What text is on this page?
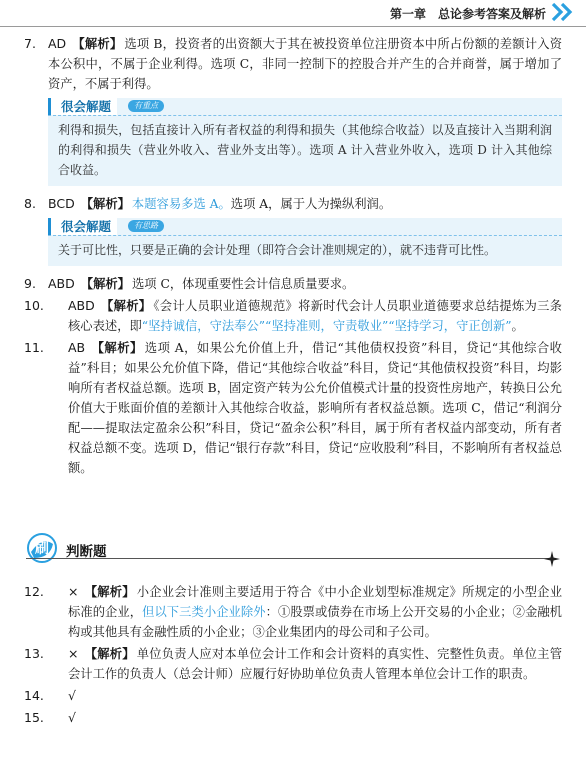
第一章　总论参考答案及解析
7. AD 【解析】 选项 B，投资者的出资额大于其在被投资单位注册资本中所占份额的差额计入资本公积中，不属于企业利得。选项 C，非同一控制下的控股合并产生的合并商誉，属于增加了资产，不属于利得。
很会解题	有重点
利得和损失，包括直接计入所有者权益的利得和损失（其他综合收益）以及直接计入当期利润的利得和损失（营业外收入、营业外支出等）。选项 A 计入营业外收入，选项 D 计入其他综合收益。
8. BCD 【解析】 本题容易多选 A。选项 A，属于人为操纵利润。
很会解题	有思路
关于可比性，只要是正确的会计处理（即符合会计准则规定的），就不违背可比性。
9. ABD 【解析】 选项 C，体现重要性会计信息质量要求。
10. ABD 【解析】 《会计人员职业道德规范》将新时代会计人员职业道德要求总结提炼为三条核心表述，即“坚持诚信，守法奉公”“坚持准则，守责敬业”“坚持学习，守正创新”。
11. AB 【解析】 选项 A，如果公允价值上升，借记“其他债权投资”科目，贷记“其他综合收益”科目；如果公允价值下降，借记“其他综合收益”科目，贷记“其他债权投资”科目，均影响所有者权益总额。选项 B，固定资产转为公允价值模式计量的投资性房地产，转换日公允价值大于账面价值的差额计入其他综合收益，影响所有者权益总额。选项 C，借记“利润分配——提取法定盈余公积”科目，贷记“盈余公积”科目，属于所有者权益内部变动，所有者权益总额不变。选项 D，借记“银行存款”科目，贷记“应收股利”科目，不影响所有者权益总额。
刷 判断题
12. × 【解析】 小企业会计准则主要适用于符合《中小企业划型标准规定》所规定的小型企业标准的企业，但以下三类小企业除外：①股票或债券在市场上公开交易的小企业；②金融机构或其他具有金融性质的小企业；③企业集团内的母公司和子公司。
13. × 【解析】 单位负责人应对本单位会计工作和会计资料的真实性、完整性负责。单位主管会计工作的负责人（总会计师）应履行好协助单位负责人管理本单位会计工作的职责。
14. √
15. √
